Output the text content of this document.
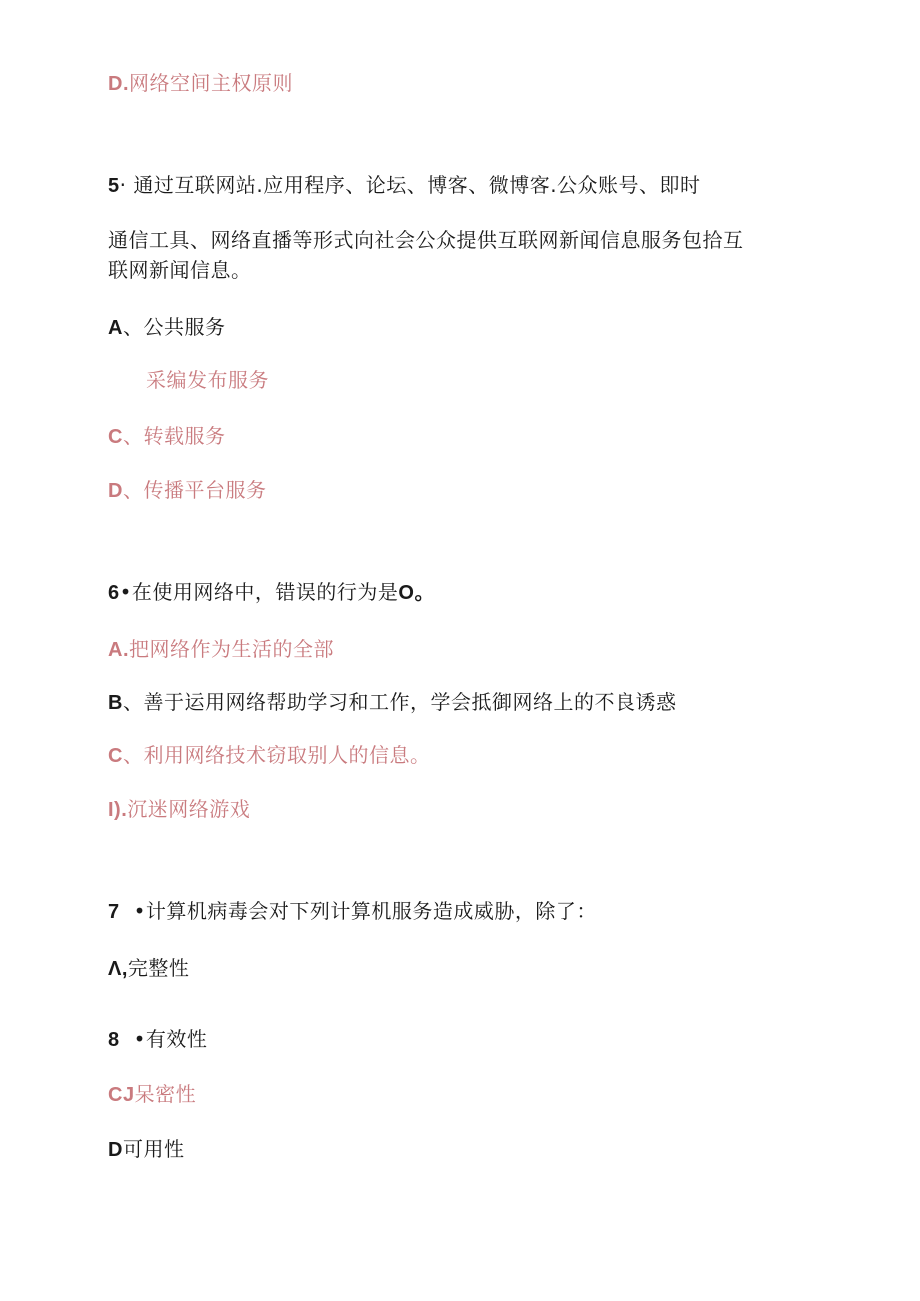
D.网络空间主权原则
5· 通过互联网站.应用程序、论坛、博客、微博客.公众账号、即时
通信工具、网络直播等形式向社会公众提供互联网新闻信息服务包拾互
联网新闻信息。
A、公共服务
采编发布服务
C、转载服务
D、传播平台服务
6•在使用网络中，错误的行为是O。
A.把网络作为生活的全部
B、善于运用网络帮助学习和工作，学会抵御网络上的不良诱惑
C、利用网络技术窃取别人的信息。
I).沉迷网络游戏
7 •计算机病毒会对下列计算机服务造成威胁，除了：
Λ,完整性
8 •有效性
CJ呆密性
D可用性
